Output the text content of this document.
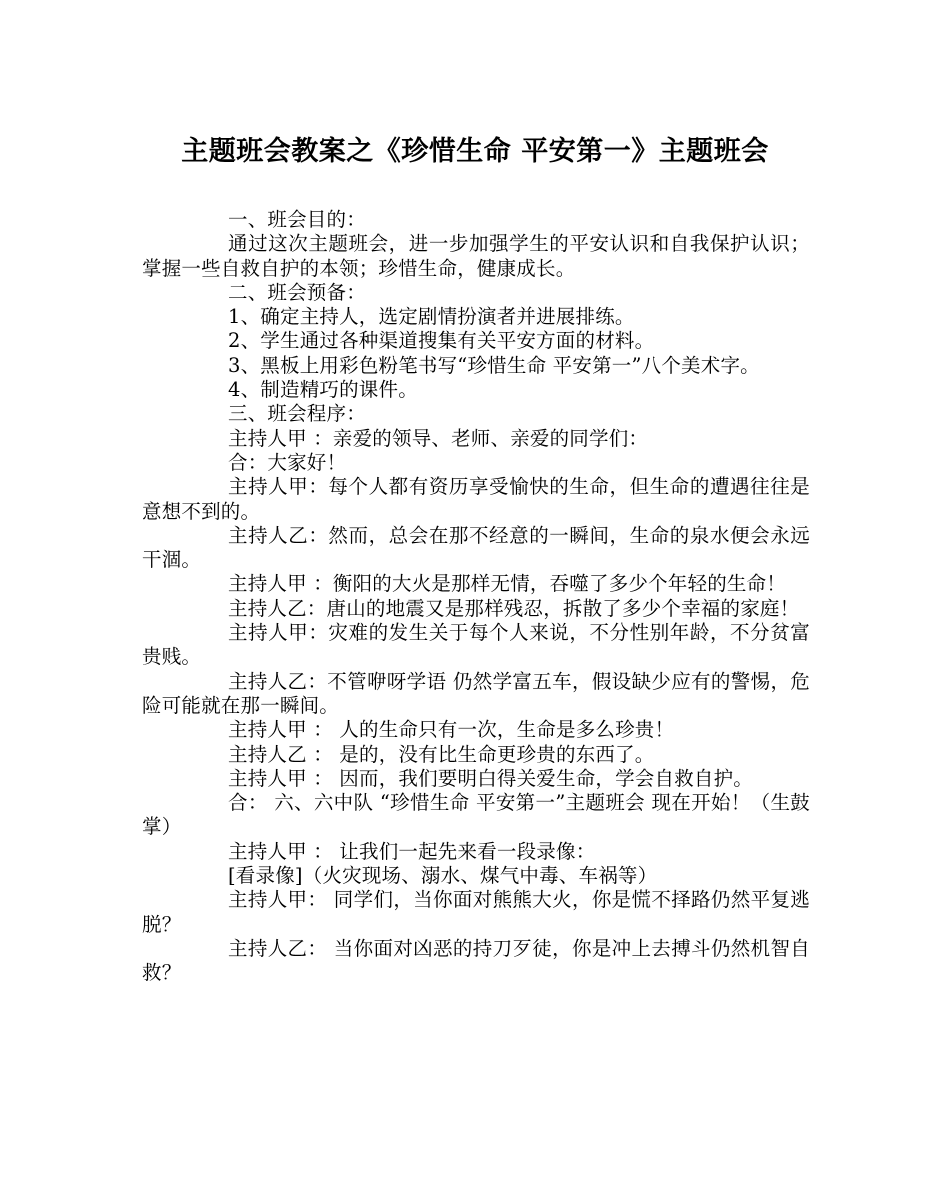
主题班会教案之《珍惜生命 平安第一》主题班会

一、班会目的：

通过这次主题班会，进一步加强学生的平安认识和自我保护认识；掌握一些自救自护的本领；珍惜生命，健康成长。

二、班会预备：

1、确定主持人，选定剧情扮演者并进展排练。

2、学生通过各种渠道搜集有关平安方面的材料。

3、黑板上用彩色粉笔书写“珍惜生命 平安第一”八个美术字。

4、制造精巧的课件。

三、班会程序：

主持人甲 ：亲爱的领导、老师、亲爱的同学们：

合：大家好！

主持人甲：每个人都有资历享受愉快的生命，但生命的遭遇往往是意想不到的。

主持人乙：然而，总会在那不经意的一瞬间，生命的泉水便会永远干涸。

主持人甲 ：衡阳的大火是那样无情，吞噬了多少个年轻的生命！

主持人乙：唐山的地震又是那样残忍，拆散了多少个幸福的家庭！

主持人甲：灾难的发生关于每个人来说，不分性别年龄，不分贫富贵贱。

主持人乙：不管咿呀学语 仍然学富五车，假设缺少应有的警惕，危险可能就在那一瞬间。

主持人甲 ： 人的生命只有一次，生命是多么珍贵！

主持人乙 ： 是的，没有比生命更珍贵的东西了。

主持人甲 ： 因而，我们要明白得关爱生命，学会自救自护。

合： 六、六中队 “珍惜生命 平安第一”主题班会 现在开始！（生鼓掌）

主持人甲 ： 让我们一起先来看一段录像：

[看录像]（火灾现场、溺水、煤气中毒、车祸等）

主持人甲： 同学们，当你面对熊熊大火，你是慌不择路仍然平复逃脱？

主持人乙： 当你面对凶恶的持刀歹徒，你是冲上去搏斗仍然机智自救？
